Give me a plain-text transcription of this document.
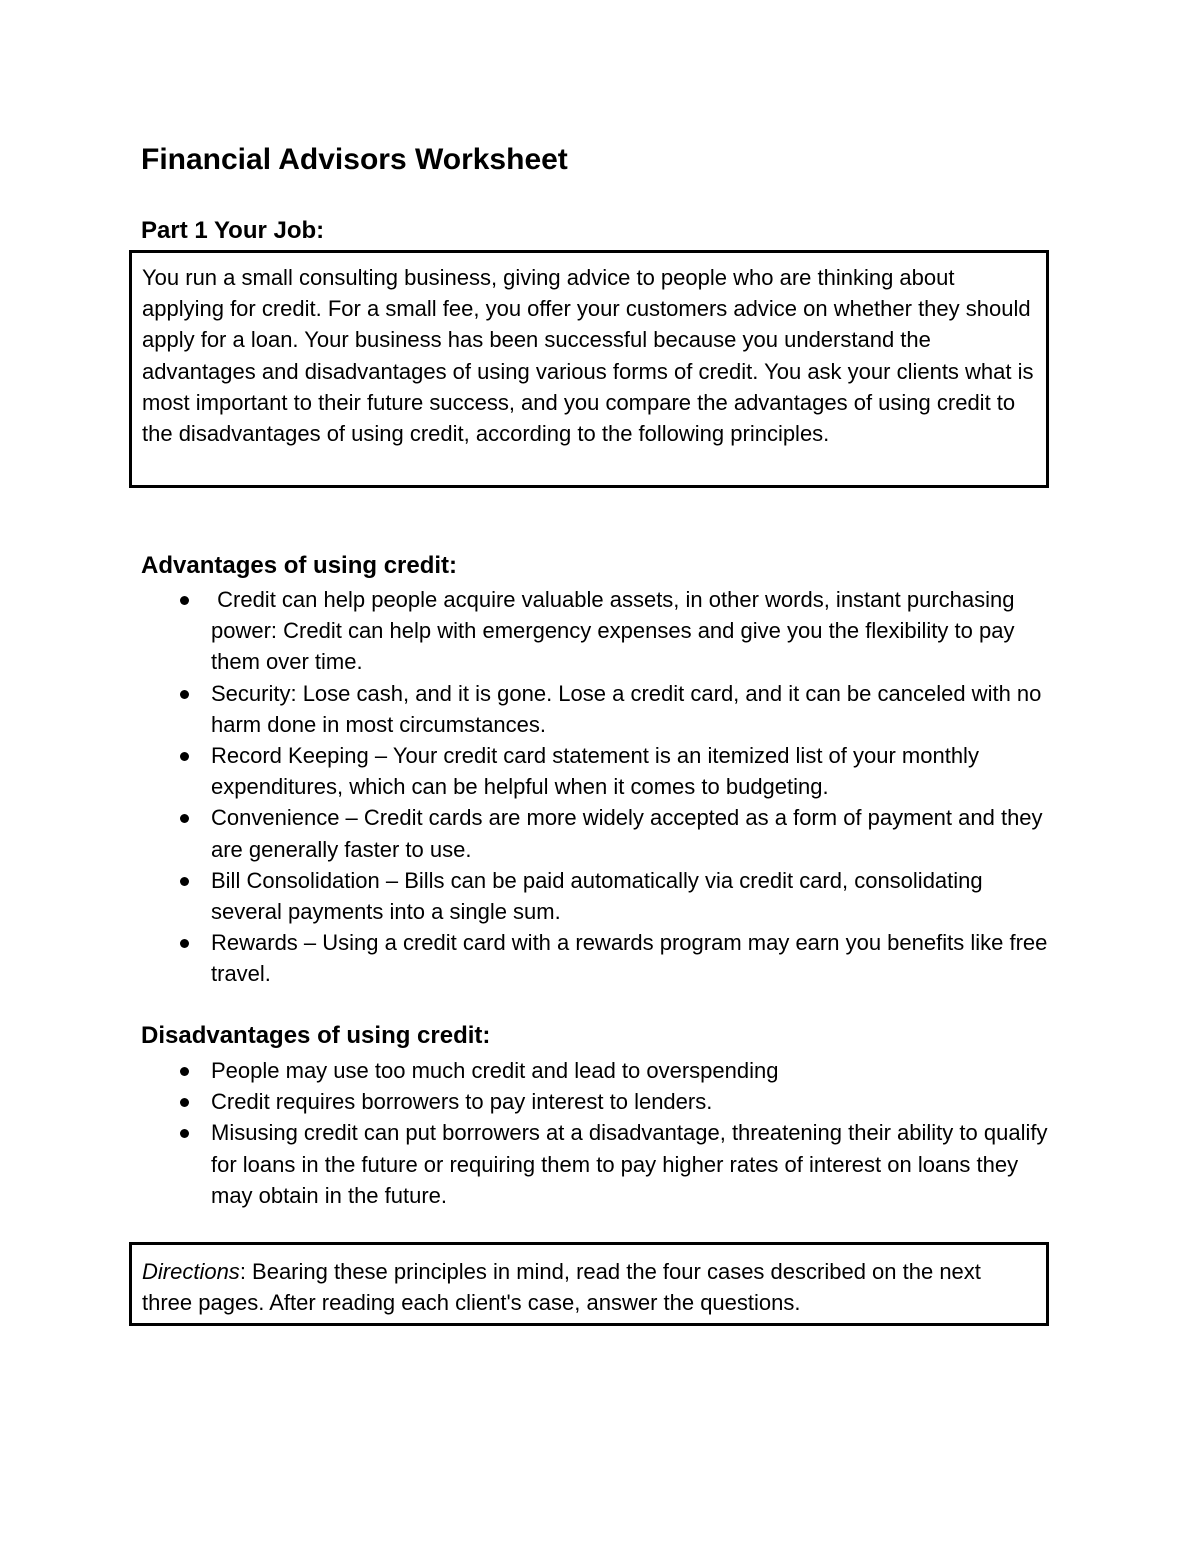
Financial Advisors Worksheet
Part 1 Your Job:
You run a small consulting business, giving advice to people who are thinking about applying for credit. For a small fee, you offer your customers advice on whether they should apply for a loan. Your business has been successful because you understand the advantages and disadvantages of using various forms of credit. You ask your clients what is most important to their future success, and you compare the advantages of using credit to the disadvantages of using credit, according to the following principles.
Advantages of using credit:
Credit can help people acquire valuable assets, in other words, instant purchasing power: Credit can help with emergency expenses and give you the flexibility to pay them over time.
Security: Lose cash, and it is gone. Lose a credit card, and it can be canceled with no harm done in most circumstances.
Record Keeping – Your credit card statement is an itemized list of your monthly expenditures, which can be helpful when it comes to budgeting.
Convenience – Credit cards are more widely accepted as a form of payment and they are generally faster to use.
Bill Consolidation – Bills can be paid automatically via credit card, consolidating several payments into a single sum.
Rewards – Using a credit card with a rewards program may earn you benefits like free travel.
Disadvantages of using credit:
People may use too much credit and lead to overspending
Credit requires borrowers to pay interest to lenders.
Misusing credit can put borrowers at a disadvantage, threatening their ability to qualify for loans in the future or requiring them to pay higher rates of interest on loans they may obtain in the future.
Directions: Bearing these principles in mind, read the four cases described on the next three pages. After reading each client's case, answer the questions.
